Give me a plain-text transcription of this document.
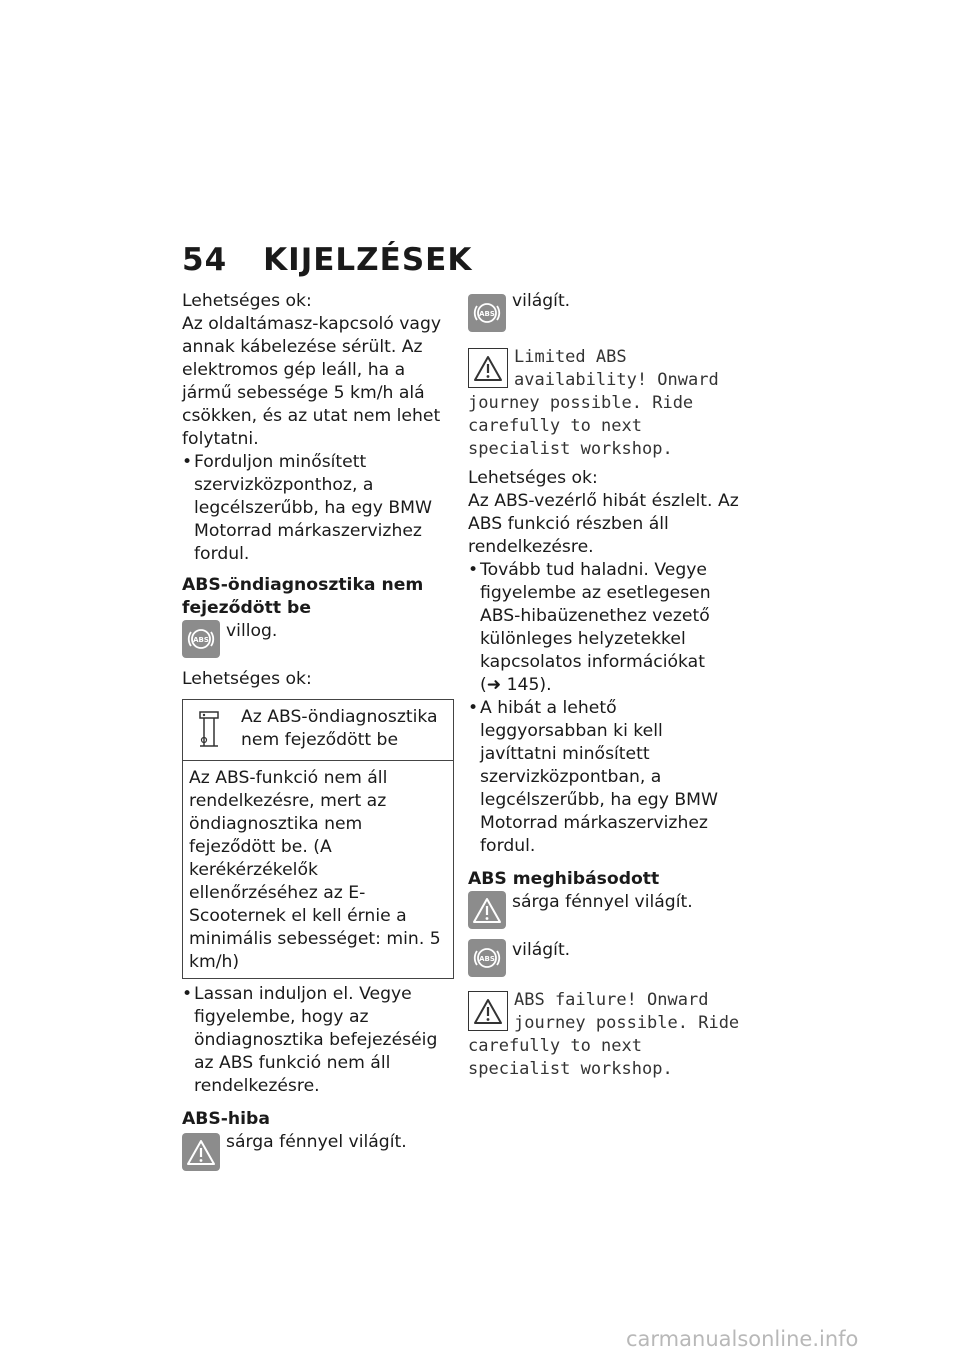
54 KIJELZÉSEK

Lehetséges ok:

Az oldaltámasz-kapcsoló vagy annak kábelezése sérült. Az elektromos gép leáll, ha a jármű sebessége 5 km/h alá csökken, és az utat nem lehet folytatni.

• Forduljon minősített szervizközponthoz, a legcélszerűbb, ha egy BMW Motorrad márkaszervizhez fordul.

ABS-öndiagnosztika nem fejeződött be

ABS villog.

Lehetséges ok:

Az ABS-öndiagnosztika nem fejeződött be
Az ABS-funkció nem áll rendelkezésre, mert az öndiagnosztika nem fejeződött be. (A kerékérzékelők ellenőrzéséhez az E-Scooternek el kell érnie a minimális sebességet: min. 5 km/h)

• Lassan induljon el. Vegye figyelembe, hogy az öndiagnosztika befejezéséig az ABS funkció nem áll rendelkezésre.

ABS-hiba

sárga fénnyel világít.
ABS
világít.
Limited ABS availability! Onward journey possible. Ride carefully to next specialist workshop.

Lehetséges ok:

Az ABS-vezérlő hibát észlelt. Az ABS funkció részben áll rendelkezésre.

• Tovább tud haladni. Vegye figyelembe az esetlegesen ABS-hibaüzenethez vezető különleges helyzetekkel kapcsolatos információkat (➜ 145).

• A hibát a lehető leggyorsabban ki kell javíttatni minősített szervizközpontban, a legcélszerűbb, ha egy BMW Motorrad márkaszervizhez fordul.

ABS meghibásodott

sárga fénnyel világít.
ABS világít.
ABS failure! Onward journey possible. Ride carefully to next specialist workshop.
carmanualsonline.info
